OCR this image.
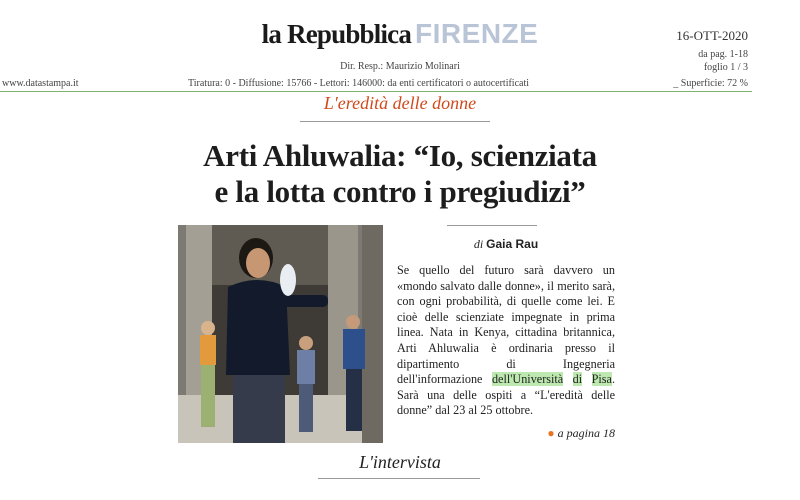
la Repubblica FIRENZE	16-OTT-2020
da pag. 1-18
foglio 1 / 3
Dir. Resp.: Maurizio Molinari
www.datastampa.it	Tiratura: 0 - Diffusione: 15766 - Lettori: 146000: da enti certificatori o autocertificati	_ Superficie: 72 %
L'eredità delle donne
Arti Ahluwalia: “Io, scienziata
e la lotta contro i pregiudizi”
di Gaia Rau
Se quello del futuro sarà davvero un «mondo salvato dalle donne», il merito sarà, con ogni probabilità, di quelle come lei. E cioè delle scienziate impegnate in prima linea. Nata in Kenya, cittadina britannica, Arti Ahluwalia è ordinaria presso il dipartimento di Ingegneria dell'informazione dell'Università di Pisa. Sarà una delle ospiti a “L'eredità delle donne” dal 23 al 25 ottobre.
● a pagina 18
L'intervista
